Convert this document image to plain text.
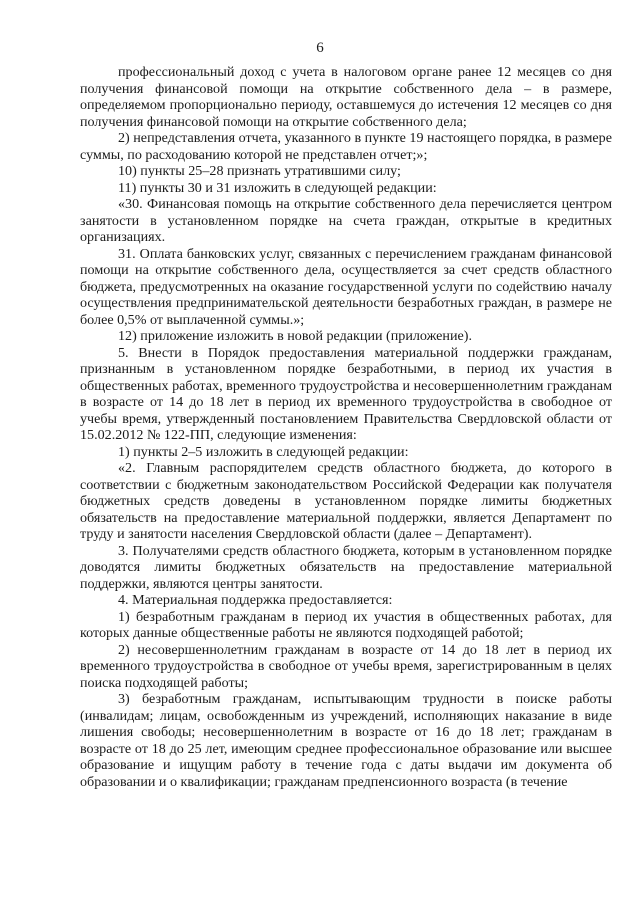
6

профессиональный доход с учета в налоговом органе ранее 12 месяцев со дня получения финансовой помощи на открытие собственного дела – в размере, определяемом пропорционально периоду, оставшемуся до истечения 12 месяцев со дня получения финансовой помощи на открытие собственного дела;

2) непредставления отчета, указанного в пункте 19 настоящего порядка, в размере суммы, по расходованию которой не представлен отчет;»;

10) пункты 25–28 признать утратившими силу;

11) пункты 30 и 31 изложить в следующей редакции:

«30. Финансовая помощь на открытие собственного дела перечисляется центром занятости в установленном порядке на счета граждан, открытые в кредитных организациях.

31. Оплата банковских услуг, связанных с перечислением гражданам финансовой помощи на открытие собственного дела, осуществляется за счет средств областного бюджета, предусмотренных на оказание государственной услуги по содействию началу осуществления предпринимательской деятельности безработных граждан, в размере не более 0,5% от выплаченной суммы.»;

12) приложение изложить в новой редакции (приложение).

5. Внести в Порядок предоставления материальной поддержки гражданам, признанным в установленном порядке безработными, в период их участия в общественных работах, временного трудоустройства и несовершеннолетним гражданам в возрасте от 14 до 18 лет в период их временного трудоустройства в свободное от учебы время, утвержденный постановлением Правительства Свердловской области от 15.02.2012 № 122-ПП, следующие изменения:

1) пункты 2–5 изложить в следующей редакции:

«2. Главным распорядителем средств областного бюджета, до которого в соответствии с бюджетным законодательством Российской Федерации как получателя бюджетных средств доведены в установленном порядке лимиты бюджетных обязательств на предоставление материальной поддержки, является Департамент по труду и занятости населения Свердловской области (далее – Департамент).

3. Получателями средств областного бюджета, которым в установленном порядке доводятся лимиты бюджетных обязательств на предоставление материальной поддержки, являются центры занятости.

4. Материальная поддержка предоставляется:

1) безработным гражданам в период их участия в общественных работах, для которых данные общественные работы не являются подходящей работой;

2) несовершеннолетним гражданам в возрасте от 14 до 18 лет в период их временного трудоустройства в свободное от учебы время, зарегистрированным в целях поиска подходящей работы;

3) безработным гражданам, испытывающим трудности в поиске работы (инвалидам; лицам, освобожденным из учреждений, исполняющих наказание в виде лишения свободы; несовершеннолетним в возрасте от 16 до 18 лет; гражданам в возрасте от 18 до 25 лет, имеющим среднее профессиональное образование или высшее образование и ищущим работу в течение года с даты выдачи им документа об образовании и о квалификации; гражданам предпенсионного возраста (в течение
